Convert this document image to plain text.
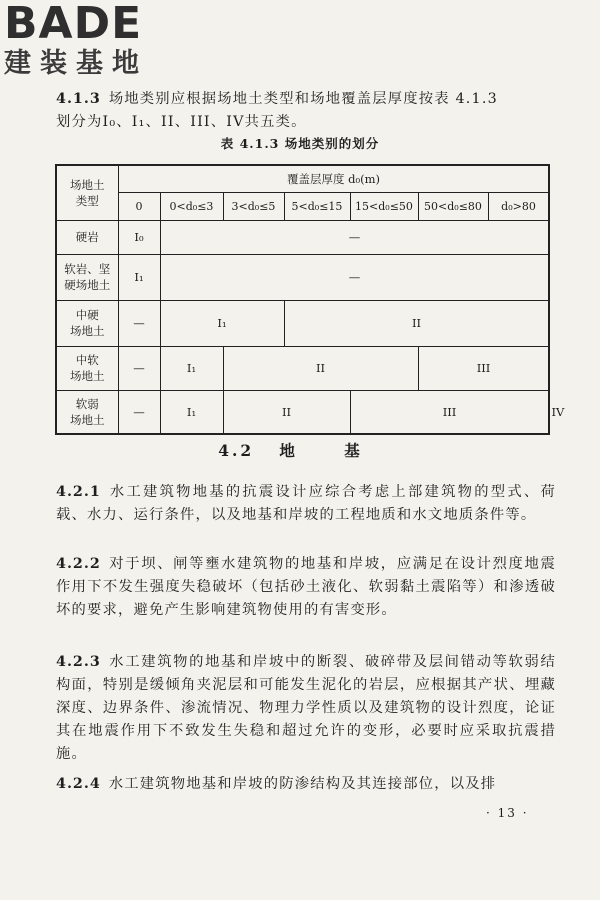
BADE
建装基地

4.1.3 场地类别应根据场地土类型和场地覆盖层厚度按表 4.1.3
划分为I₀、I₁、II、III、IV共五类。

表 4.1.3 场地类别的划分
场地土
类型	覆盖层厚度 d₀(m)							
	0	0<d₀≤3	3<d₀≤5	5<d₀≤15	15<d₀≤50	50<d₀≤80	d₀>80	
硬岩	I₀	—						
软岩、坚
硬场地土	I₁	—						
中硬
场地土	—	I₁		II				
中软
场地土	—	I₁	II			III		
软弱
场地土	—	I₁	II		III			IV
4.2 地 基

4.2.1 水工建筑物地基的抗震设计应综合考虑上部建筑物的型式、荷载、水力、运行条件，以及地基和岸坡的工程地质和水文地质条件等。

4.2.2 对于坝、闸等壅水建筑物的地基和岸坡，应满足在设计烈度地震作用下不发生强度失稳破坏（包括砂土液化、软弱黏土震陷等）和渗透破坏的要求，避免产生影响建筑物使用的有害变形。

4.2.3 水工建筑物的地基和岸坡中的断裂、破碎带及层间错动等软弱结构面，特别是缓倾角夹泥层和可能发生泥化的岩层，应根据其产状、埋藏深度、边界条件、渗流情况、物理力学性质以及建筑物的设计烈度，论证其在地震作用下不致发生失稳和超过允许的变形，必要时应采取抗震措施。

4.2.4 水工建筑物地基和岸坡的防渗结构及其连接部位，以及排

· 13 ·
